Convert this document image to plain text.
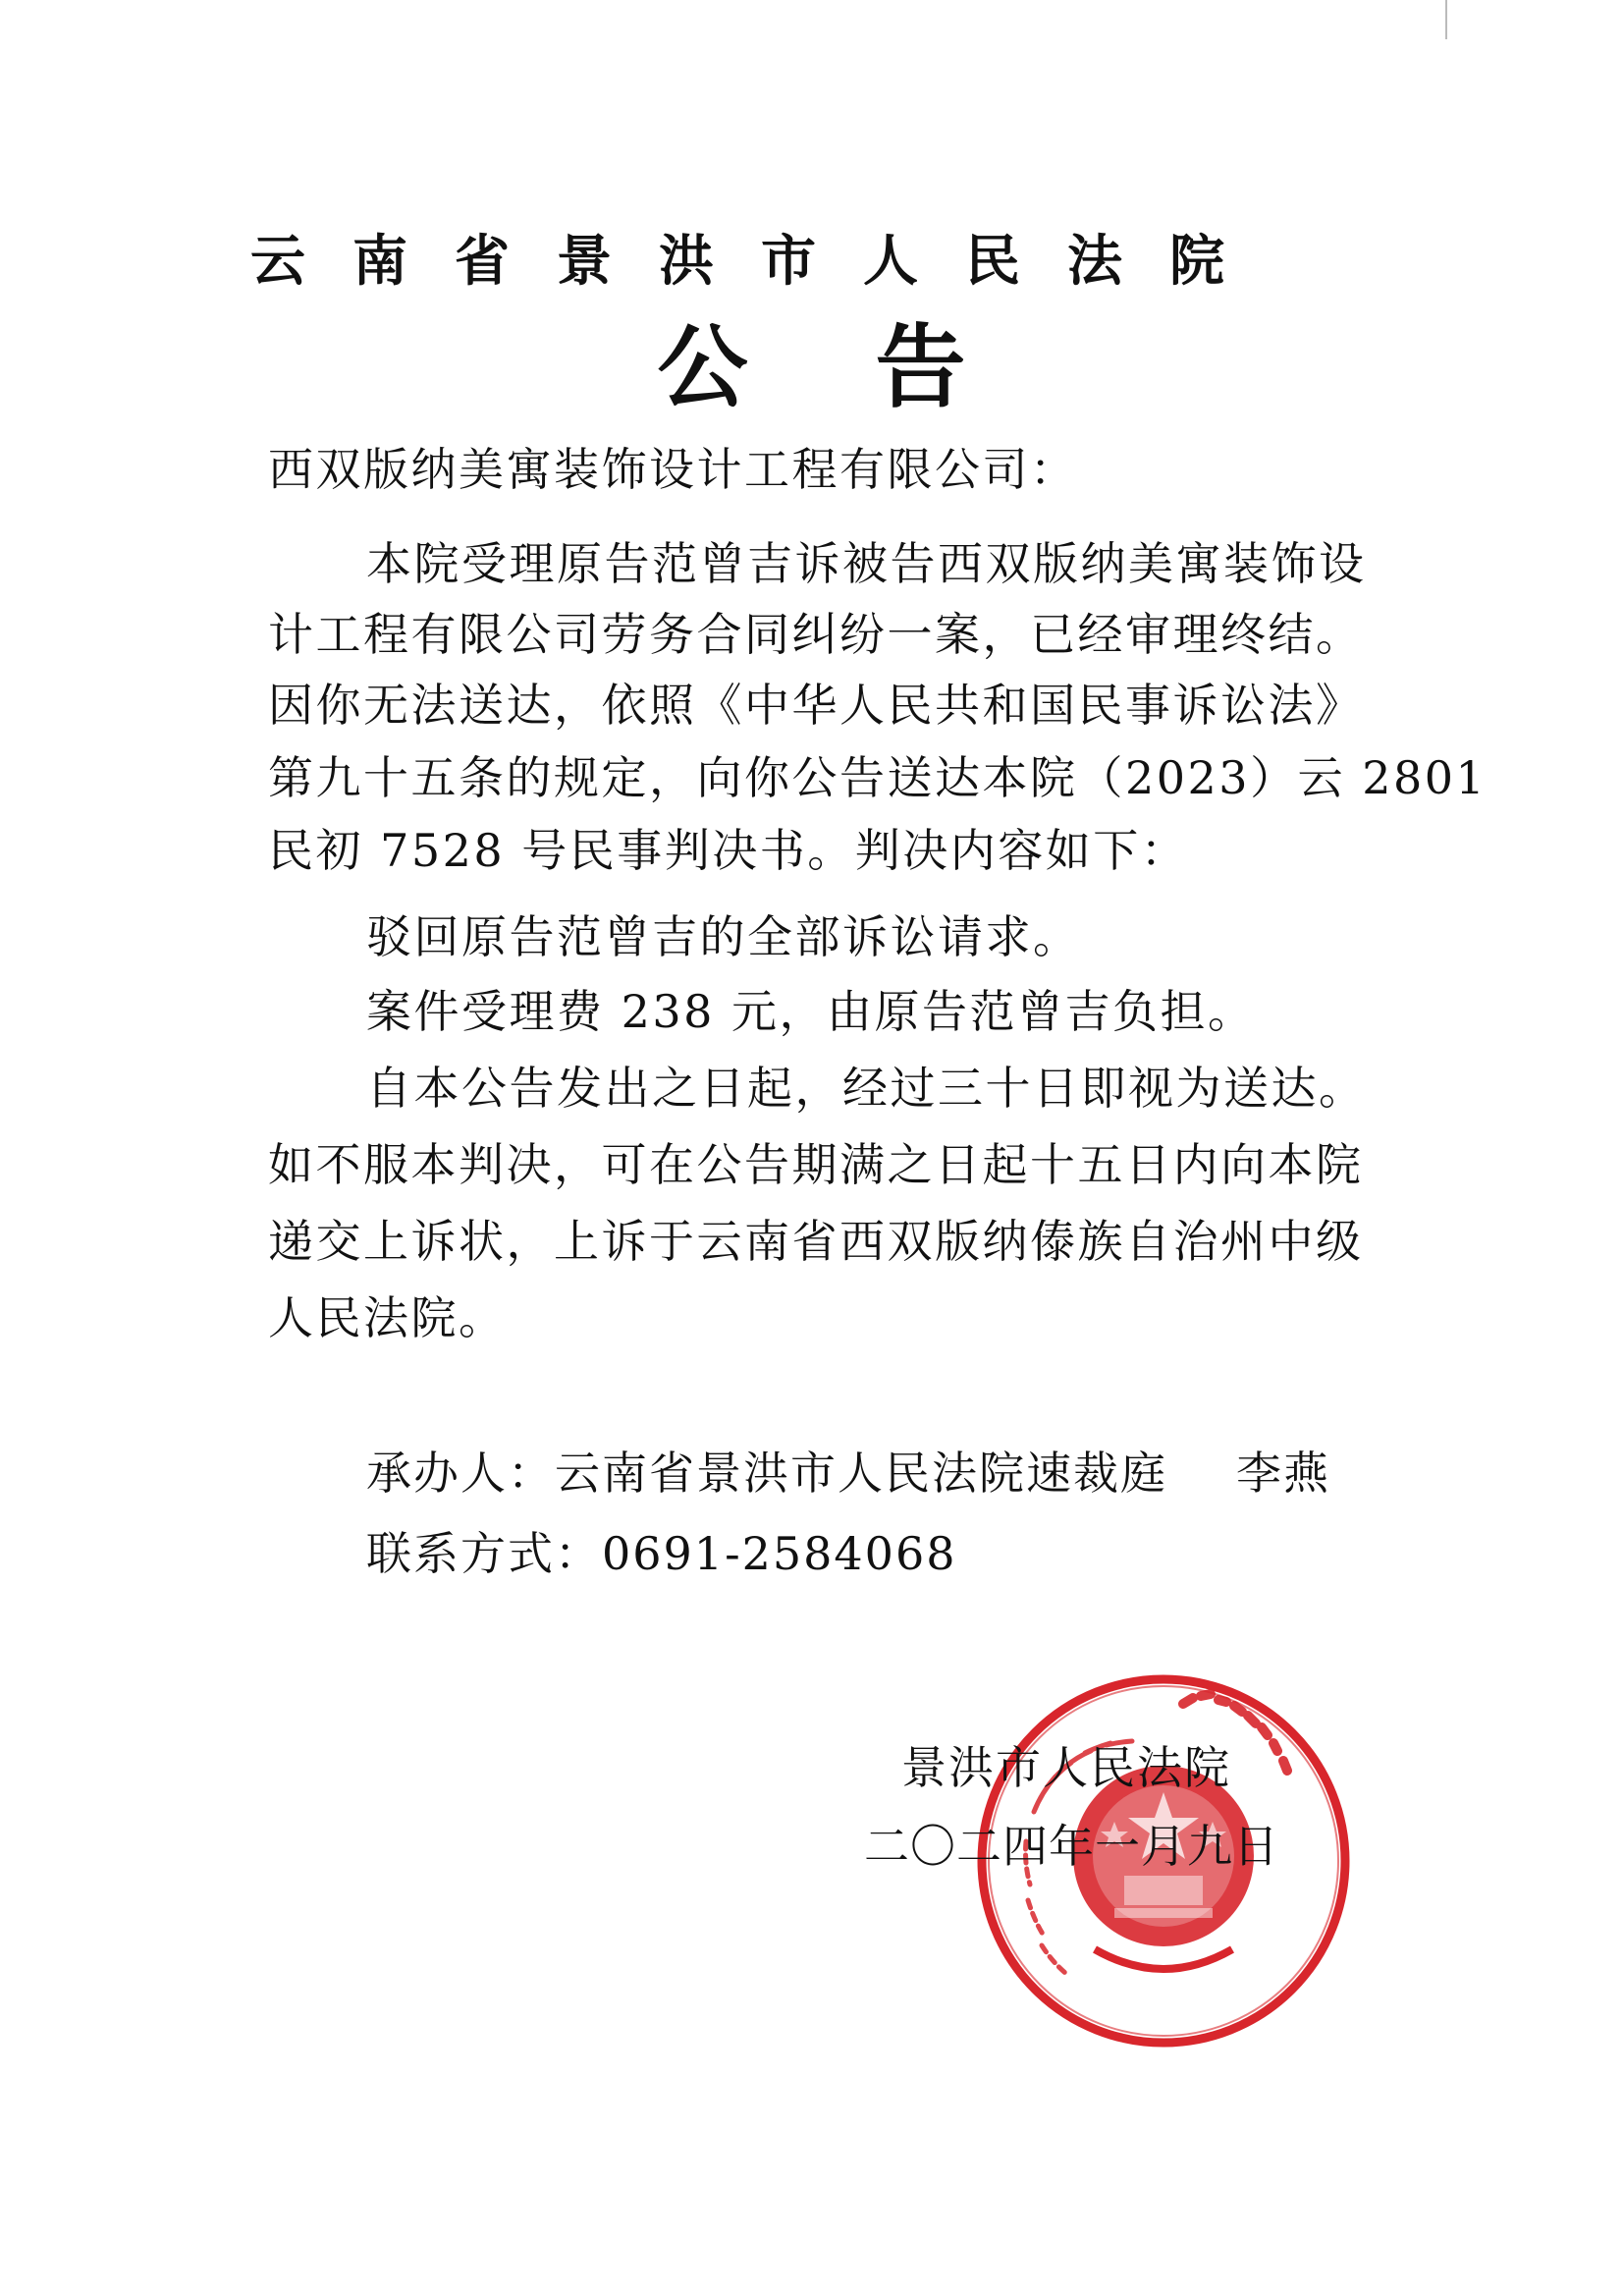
云南省景洪市人民法院
公告
西双版纳美寓装饰设计工程有限公司：
本院受理原告范曾吉诉被告西双版纳美寓装饰设
计工程有限公司劳务合同纠纷一案，已经审理终结。
因你无法送达，依照《中华人民共和国民事诉讼法》
第九十五条的规定，向你公告送达本院（2023）云 2801
民初 7528 号民事判决书。判决内容如下：
驳回原告范曾吉的全部诉讼请求。
案件受理费 238 元，由原告范曾吉负担。
自本公告发出之日起，经过三十日即视为送达。
如不服本判决，可在公告期满之日起十五日内向本院
递交上诉状，上诉于云南省西双版纳傣族自治州中级
人民法院。
承办人：云南省景洪市人民法院速裁庭 李燕
联系方式：0691-2584068
景洪市人民法院
二〇二四年一月九日
